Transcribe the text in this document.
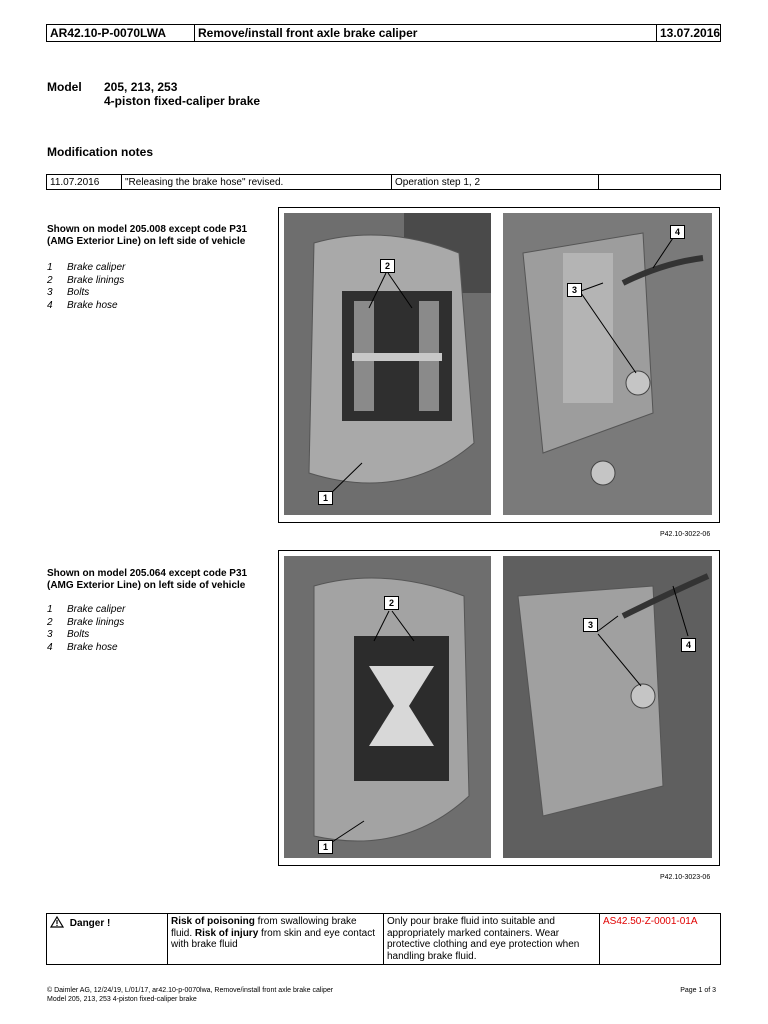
AR42.10-P-0070LWA	Remove/install front axle brake caliper	13.07.2016
Model 205, 213, 253
4-piston fixed-caliper brake
Modification notes
11.07.2016	"Releasing the brake hose" revised.	Operation step 1, 2	
Shown on model 205.008 except code P31 (AMG Exterior Line) on left side of vehicle
1 Brake caliper
2 Brake linings
3 Bolts
4 Brake hose
2
1
3
4
P42.10-3022-06
Shown on model 205.064 except code P31 (AMG Exterior Line) on left side of vehicle
1 Brake caliper
2 Brake linings
3 Bolts
4 Brake hose
2
1
3
4
P42.10-3023-06
Danger !	Risk of poisoning from swallowing brake fluid. Risk of injury from skin and eye contact with brake fluid	Only pour brake fluid into suitable and appropriately marked containers. Wear protective clothing and eye protection when handling brake fluid.	AS42.50-Z-0001-01A
© Daimler AG, 12/24/19, L/01/17, ar42.10-p-0070lwa, Remove/install front axle brake caliper
Model 205, 213, 253 4-piston fixed-caliper brake
Page 1 of 3
